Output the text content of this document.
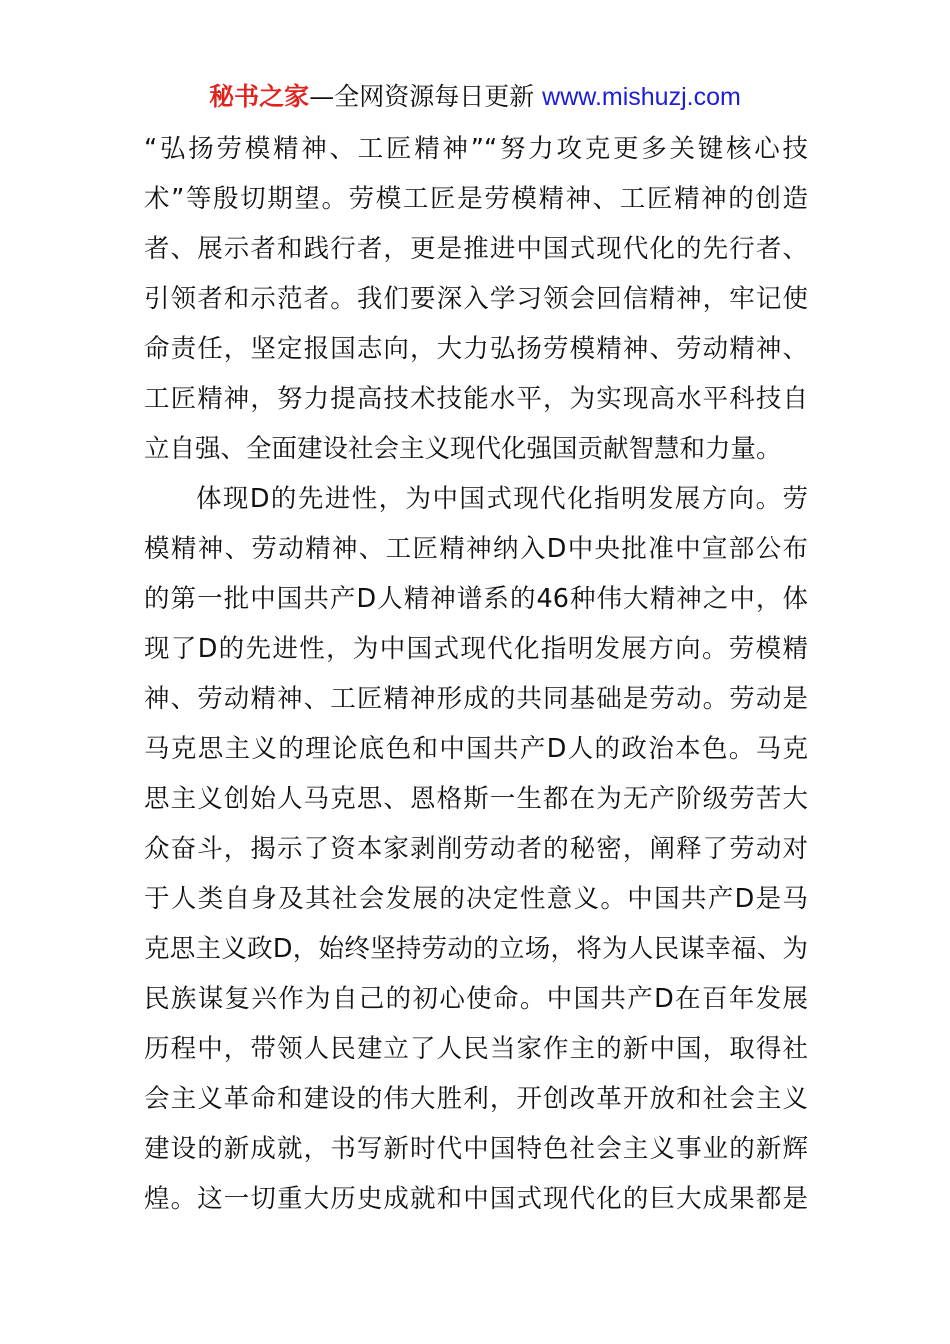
秘书之家—全网资源每日更新 www.mishuzj.com
“弘扬劳模精神、工匠精神”“努力攻克更多关键核心技
术”等殷切期望。劳模工匠是劳模精神、工匠精神的创造
者、展示者和践行者，更是推进中国式现代化的先行者、
引领者和示范者。我们要深入学习领会回信精神，牢记使
命责任，坚定报国志向，大力弘扬劳模精神、劳动精神、
工匠精神，努力提高技术技能水平，为实现高水平科技自
立自强、全面建设社会主义现代化强国贡献智慧和力量。
体现D的先进性，为中国式现代化指明发展方向。劳
模精神、劳动精神、工匠精神纳入D中央批准中宣部公布
的第一批中国共产D人精神谱系的46种伟大精神之中，体
现了D的先进性，为中国式现代化指明发展方向。劳模精
神、劳动精神、工匠精神形成的共同基础是劳动。劳动是
马克思主义的理论底色和中国共产D人的政治本色。马克
思主义创始人马克思、恩格斯一生都在为无产阶级劳苦大
众奋斗，揭示了资本家剥削劳动者的秘密，阐释了劳动对
于人类自身及其社会发展的决定性意义。中国共产D是马
克思主义政D，始终坚持劳动的立场，将为人民谋幸福、为
民族谋复兴作为自己的初心使命。中国共产D在百年发展
历程中，带领人民建立了人民当家作主的新中国，取得社
会主义革命和建设的伟大胜利，开创改革开放和社会主义
建设的新成就，书写新时代中国特色社会主义事业的新辉
煌。这一切重大历史成就和中国式现代化的巨大成果都是
